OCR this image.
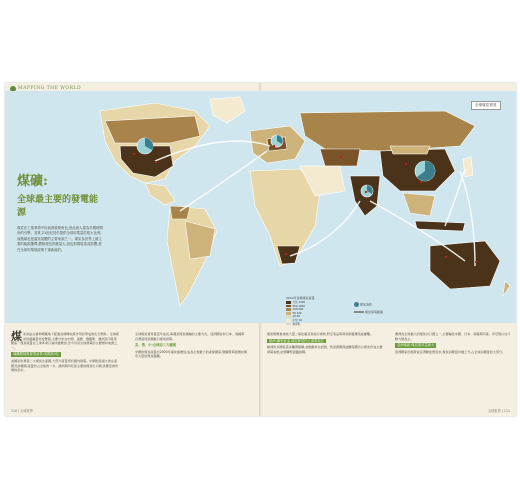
MAPPING THE WORLD
全球煤炭貿易
煤礦:
全球最主要的發電能源
煤炭在工業革命中扮演著重要角色,因此被人視為早期時間所的引擎。其實,21世紀初仍提供全球用電量的很大比例,而燃煤也是溫室氣體的主要來源之一。煤炭為世界上最主要的能源選擇,價格便宜供應量大,但也對環境造成影響,需在全球的環境政策下重新檢討。
2010年各國煤炭產量
大於 1000
500-1000
100-500
50-100
10-50
小於 10
無資料
煤炭消耗
煤炭貿易路線
煤 炭是由古植物埋藏地下經過長時間地質作用而形成的化石燃料。全球煤炭的蘊藏量非常豐富,主要分布在中國、美國、俄羅斯、澳洲及印度等國家。煤炭產量自工業革命以來持續增加,至今仍是全球發電的主要燃料來源之一。
煤礦開採與發電產業:美國第3位
美國是世界第二大煤炭生產國,大部分產量用於國內發電。中國則是最大的生產國及消費國,產量約占全球的一半。澳洲與印尼是主要的煤炭出口國,供應亞洲市場的需求。
全球煤炭貿易量逐年成長,海運是煤炭運輸的主要方式。亞洲國家如日本、南韓與台灣高度依賴進口煤炭發電。
美、俄、中:全球前三大礦國
中國的煤炭產量自2000年後快速增加,成為全球最大的產煤國家,俄羅斯與美國亦擁有大量的煤炭蘊藏。
煤炭燃燒會排放大量二氧化碳及其他污染物,對空氣品質與氣候變遷造成衝擊。
歐洲:礦業衰退,煤炭發電仍占重要地位
歐洲許多國家逐步關閉煤礦,並推動再生能源。然而德國與波蘭等國仍以煤炭作為主要發電來源,能源轉型面臨挑戰。
澳洲為全球最大的煤炭出口國之一,主要輸往中國、日本、南韓與印度。印尼則以出口動力煤為主。
亞洲地區:煤炭需求量最大
亞洲國家的經濟成長帶動能源需求,煤炭消費量持續上升,占全球消費量的大部分。
110 | 全球世界	全球世界 | 111
